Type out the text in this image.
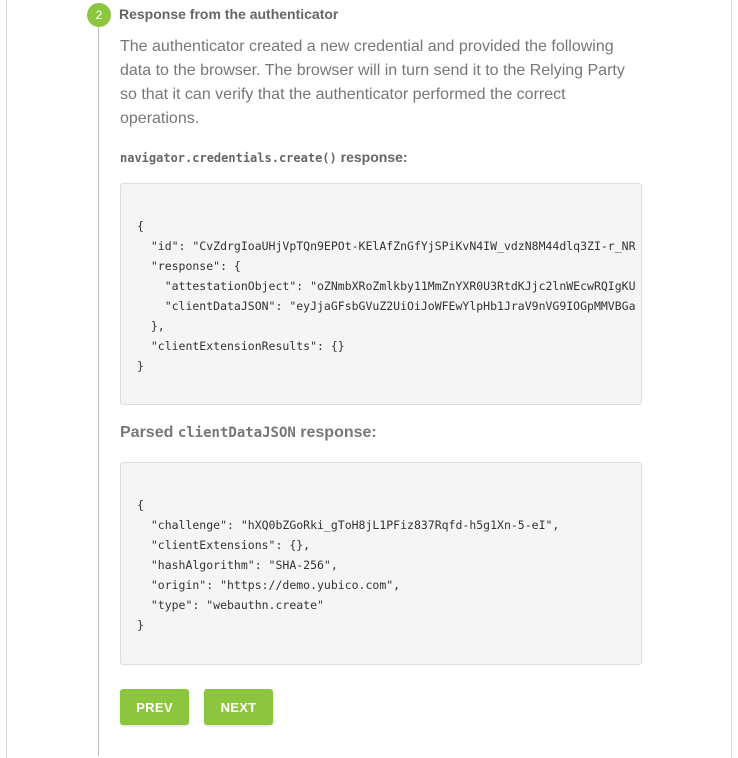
2	Response from the authenticator

The authenticator created a new credential and provided the following data to the browser. The browser will in turn send it to the Relying Party so that it can verify that the authenticator performed the correct operations.

navigator.credentials.create() response:
{
"id": "CvZdrgIoaUHjVpTQn9EPOt-KElAfZnGfYjSPiKvN4IW_vdzN8M44dlq3ZI-r_NR
"response": {
"attestationObject": "oZNmbXRoZmlkby11MmZnYXR0U3RtdKJjc2lnWEcwRQIgKU
"clientDataJSON": "eyJjaGFsbGVuZ2UiOiJoWFEwYlpHb1JraV9nVG9IOGpMMVBGa
},
"clientExtensionResults": {}
}
Parsed clientDataJSON response:
{
"challenge": "hXQ0bZGoRki_gToH8jL1PFiz837Rqfd-h5g1Xn-5-eI",
"clientExtensions": {},
"hashAlgorithm": "SHA-256",
"origin": "https://demo.yubico.com",
"type": "webauthn.create"
}
PREV	NEXT
